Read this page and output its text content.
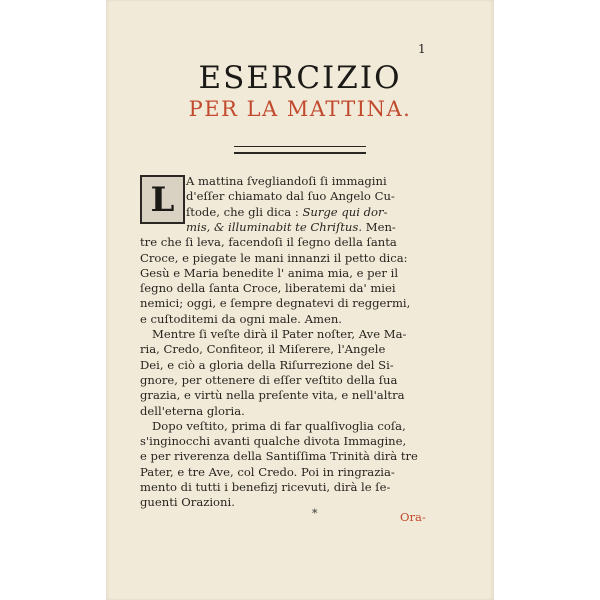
1
ESERCIZIO
PER LA MATTINA.
L A mattina ſvegliandoſi ſi immagini
d'eſſer chiamato dal ſuo Angelo Cu-
ſtode, che gli dica : Surge qui dor-
mis, & illuminabit te Chriſtus. Men-
tre che ſi leva, facendoſi il ſegno della ſanta
Croce, e piegate le mani innanzi il petto dica:
Gesù e Maria benedite l' anima mia, e per il
ſegno della ſanta Croce, liberatemi da' miei
nemici; oggi, e ſempre degnatevi di reggermi,
e cuſtoditemi da ogni male. Amen.
Mentre ſi veſte dirà il Pater noſter, Ave Ma-
ria, Credo, Confiteor, il Miſerere, l'Angele
Dei, e ciò a gloria della Riſurrezione del Si-
gnore, per ottenere di eſſer veſtito della ſua
grazia, e virtù nella preſente vita, e nell'altra
dell'eterna gloria.
Dopo veſtito, prima di far qualſivoglia coſa,
s'inginocchi avanti qualche divota Immagine,
e per riverenza della Santiſſima Trinità dirà tre
Pater, e tre Ave, col Credo. Poi in ringrazia-
mento di tutti i benefizj ricevuti, dirà le ſe-
guenti Orazioni.
*	Ora-
